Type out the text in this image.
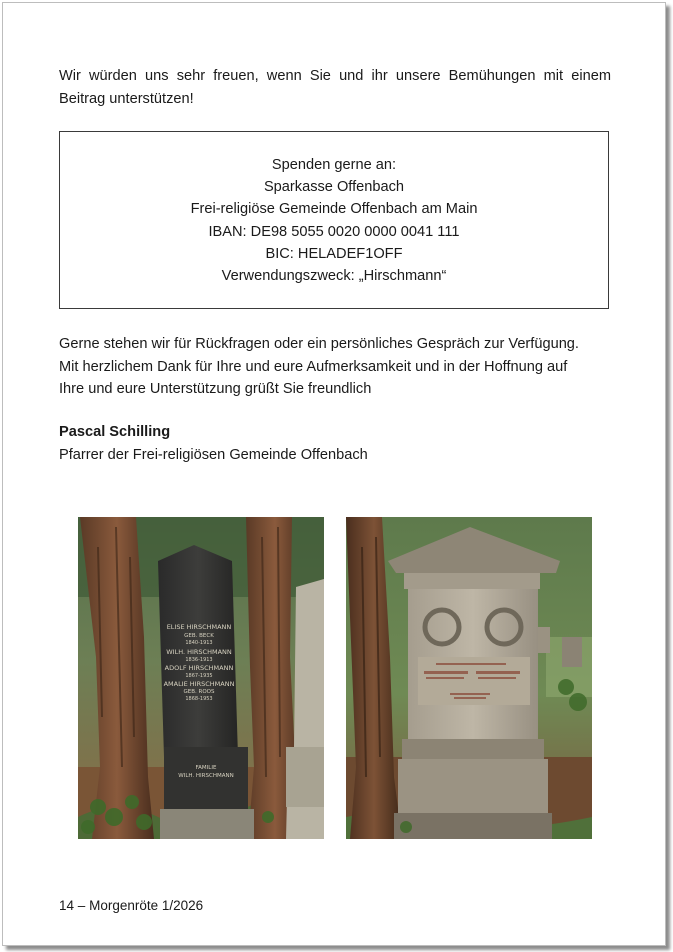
Wir würden uns sehr freuen, wenn Sie und ihr unsere Bemühungen mit einem
Beitrag unterstützen!
Spenden gerne an:
Sparkasse Offenbach
Frei-religiöse Gemeinde Offenbach am Main
IBAN: DE98 5055 0020 0000 0041 111
BIC: HELADEF1OFF
Verwendungszweck: „Hirschmann“
Gerne stehen wir für Rückfragen oder ein persönliches Gespräch zur Verfügung.
Mit herzlichem Dank für Ihre und eure Aufmerksamkeit und in der Hoffnung auf
Ihre und eure Unterstützung grüßt Sie freundlich
Pascal Schilling
Pfarrer der Frei-religiösen Gemeinde Offenbach
ELISE HIRSCHMANN
GEB. BECK
1840-1913
WILH. HIRSCHMANN
1836-1913
ADOLF HIRSCHMANN
1867-1935
AMALIE HIRSCHMANN
GEB. ROOS
1868-1953
FAMILIE
WILH. HIRSCHMANN
14 – Morgenröte 1/2026
